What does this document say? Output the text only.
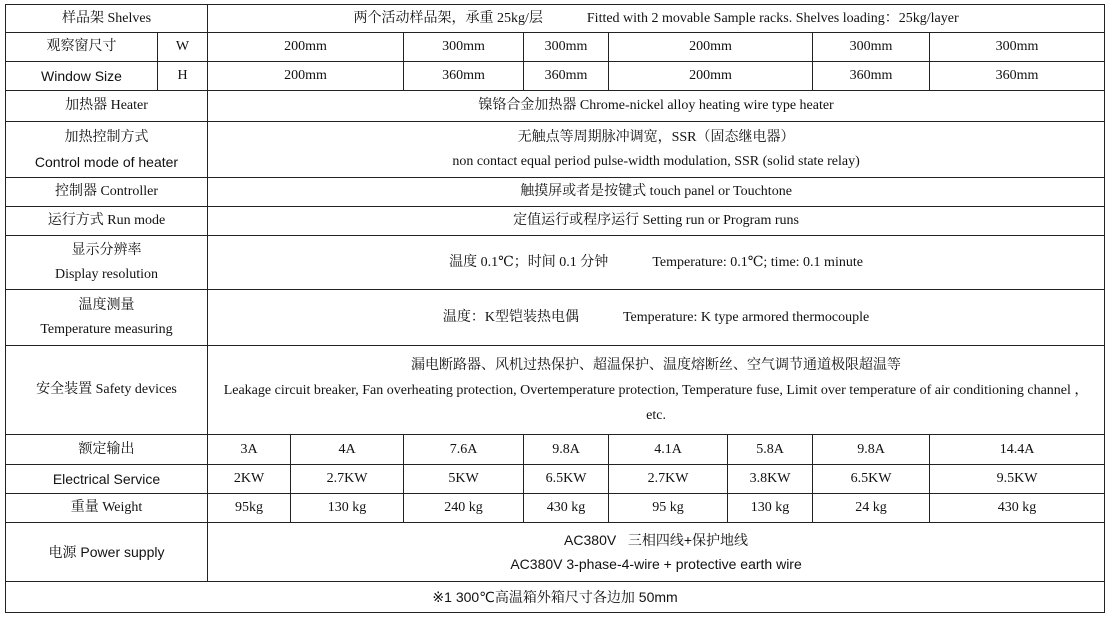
样品架 Shelves		两个活动样品架，承重 25kg/层 Fitted with 2 movable Sample racks. Shelves loading：25kg/layer							
观察窗尺寸	W	200mm		300mm	300mm	200mm		300mm	300mm
Window Size	H	200mm		360mm	360mm	200mm		360mm	360mm
加热器 Heater		镍铬合金加热器 Chrome-nickel alloy heating wire type heater							

加热控制方式
Control mode of heater		无触点等周期脉冲调宽，SSR（固态继电器）
non contact equal period pulse-width modulation, SSR (solid state relay)							

控制器 Controller		触摸屏或者是按键式 touch panel or Touchtone							
运行方式 Run mode		定值运行或程序运行 Setting run or Program runs							

显示分辨率
Display resolution		温度 0.1℃；时间 0.1 分钟 Temperature: 0.1℃; time: 0.1 minute							

温度测量
Temperature measuring		温度：K型铠装热电偶 Temperature: K type armored thermocouple							
安全装置 Safety devices		漏电断路器、风机过热保护、超温保护、温度熔断丝、空气调节通道极限超温等
Leakage circuit breaker, Fan overheating protection, Overtemperature protection, Temperature fuse, Limit over temperature of air conditioning channel ，etc.							

额定输出		3A	4A	7.6A	9.8A	4.1A	5.8A	9.8A	14.4A
Electrical Service		2KW	2.7KW	5KW	6.5KW	2.7KW	3.8KW	6.5KW	9.5KW
重量 Weight		95kg	130 kg	240 kg	430 kg	95 kg	130 kg	24 kg	430 kg
电源 Power supply		AC380V   三相四线+保护地线
AC380V 3-phase-4-wire + protective earth wire							

※1 300℃高温箱外箱尺寸各边加 50mm									
